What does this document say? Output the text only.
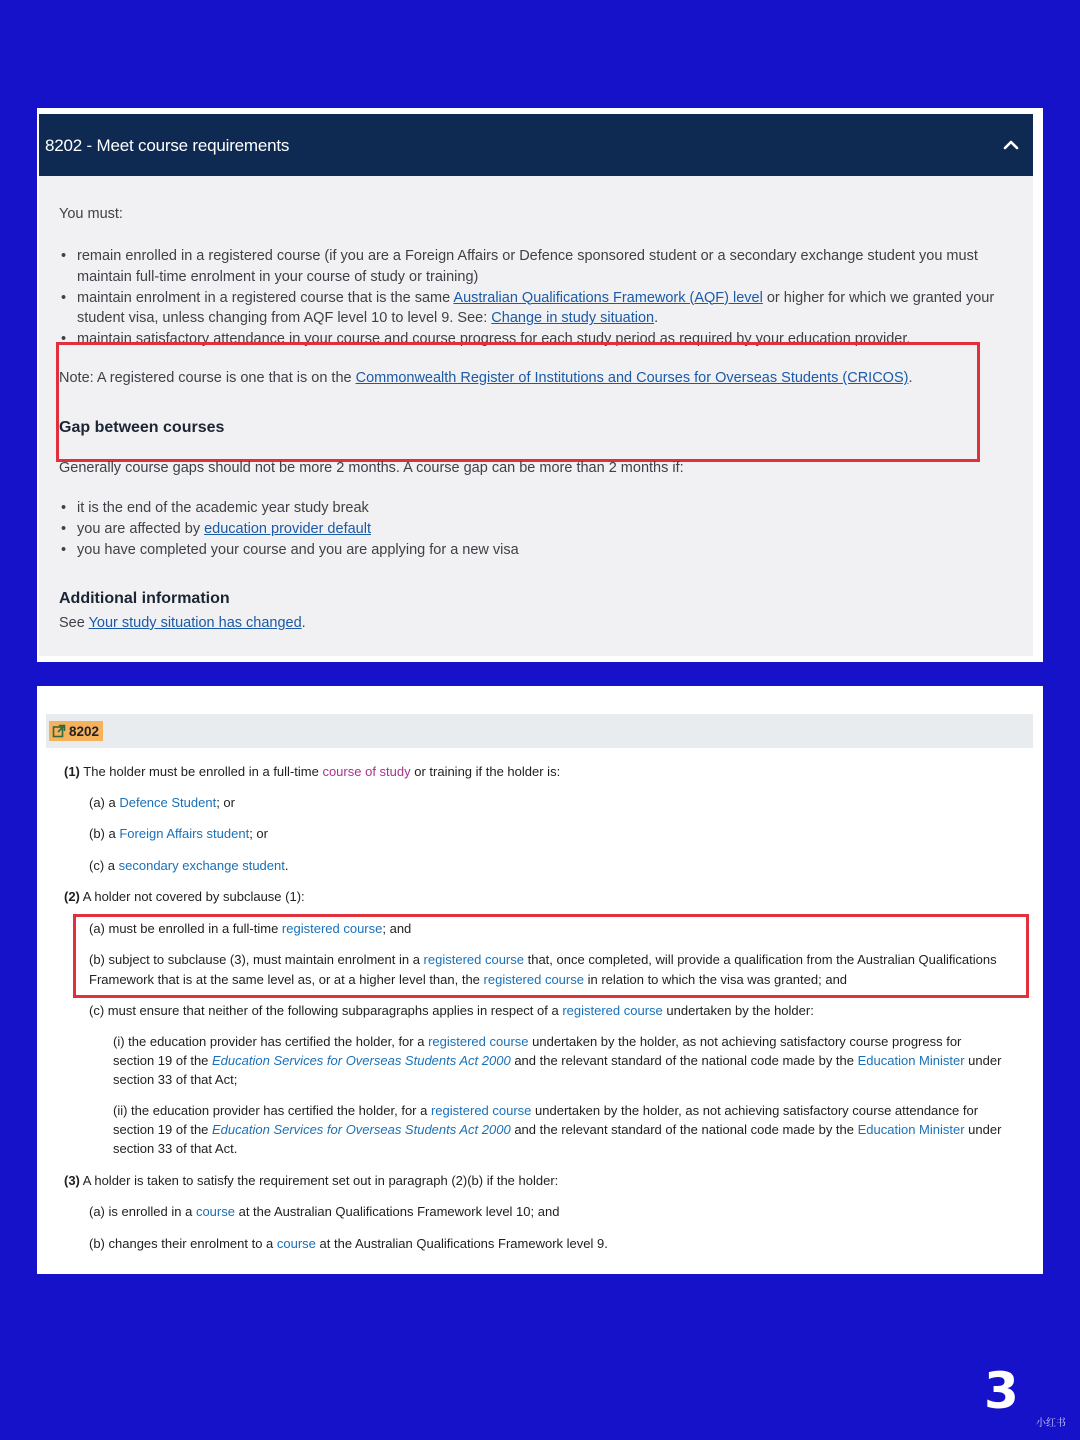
8202 - Meet course requirements

You must:

• remain enrolled in a registered course (if you are a Foreign Affairs or Defence sponsored student or a secondary exchange student you must
maintain full-time enrolment in your course of study or training)
• maintain enrolment in a registered course that is the same Australian Qualifications Framework (AQF) level or higher for which we granted your
student visa, unless changing from AQF level 10 to level 9. See: Change in study situation.
• maintain satisfactory attendance in your course and course progress for each study period as required by your education provider.

Note: A registered course is one that is on the Commonwealth Register of Institutions and Courses for Overseas Students (CRICOS).

Gap between courses

Generally course gaps should not be more 2 months. A course gap can be more than 2 months if:

• it is the end of the academic year study break
• you are affected by education provider default
• you have completed your course and you are applying for a new visa
Additional information

See Your study situation has changed.

8202

(1) The holder must be enrolled in a full-time course of study or training if the holder is:

(a) a Defence Student; or

(b) a Foreign Affairs student; or

(c) a secondary exchange student.

(2) A holder not covered by subclause (1):

(a) must be enrolled in a full-time registered course; and

(b) subject to subclause (3), must maintain enrolment in a registered course that, once completed, will provide a qualification from the Australian Qualifications

Framework that is at the same level as, or at a higher level than, the registered course in relation to which the visa was granted; and

(c) must ensure that neither of the following subparagraphs applies in respect of a registered course undertaken by the holder:

(i) the education provider has certified the holder, for a registered course undertaken by the holder, as not achieving satisfactory course progress for

section 19 of the Education Services for Overseas Students Act 2000 and the relevant standard of the national code made by the Education Minister under

section 33 of that Act;

(ii) the education provider has certified the holder, for a registered course undertaken by the holder, as not achieving satisfactory course attendance for

section 19 of the Education Services for Overseas Students Act 2000 and the relevant standard of the national code made by the Education Minister under

section 33 of that Act.

(3) A holder is taken to satisfy the requirement set out in paragraph (2)(b) if the holder:

(a) is enrolled in a course at the Australian Qualifications Framework level 10; and

(b) changes their enrolment to a course at the Australian Qualifications Framework level 9.

3
小红书
